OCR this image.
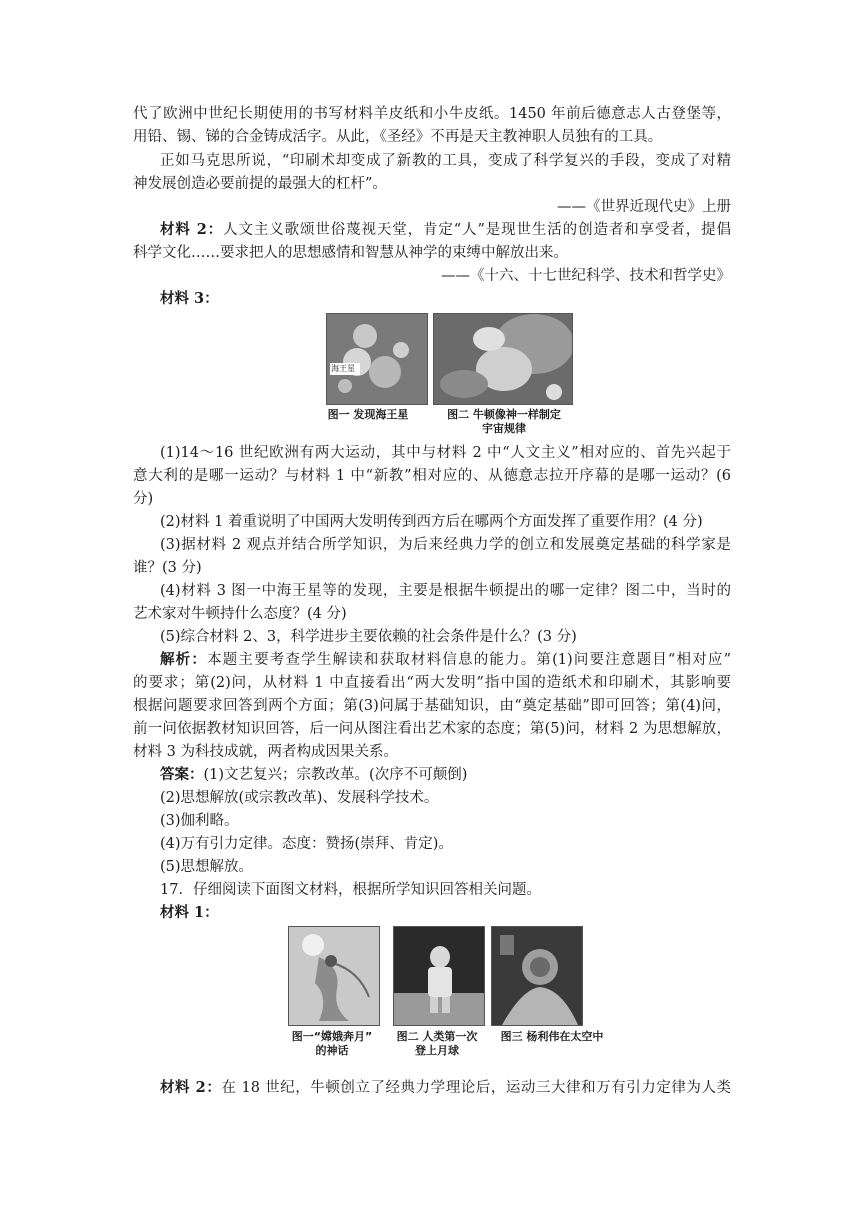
代了欧洲中世纪长期使用的书写材料羊皮纸和小牛皮纸。1450 年前后德意志人古登堡等，
用铅、锡、锑的合金铸成活字。从此，《圣经》不再是天主教神职人员独有的工具。
正如马克思所说，“印刷术却变成了新教的工具，变成了科学复兴的手段，变成了对精
神发展创造必要前提的最强大的杠杆”。
——《世界近现代史》上册
材料 2：人文主义歌颂世俗蔑视天堂，肯定“人”是现世生活的创造者和享受者，提倡
科学文化……要求把人的思想感情和智慧从神学的束缚中解放出来。
——《十六、十七世纪科学、技术和哲学史》
材料 3：
海王星
图一 发现海王星	图二 牛顿像神一样制定
宇宙规律
(1)14～16 世纪欧洲有两大运动，其中与材料 2 中“人文主义”相对应的、首先兴起于
意大利的是哪一运动？与材料 1 中“新教”相对应的、从德意志拉开序幕的是哪一运动？(6
分)
(2)材料 1 着重说明了中国两大发明传到西方后在哪两个方面发挥了重要作用？(4 分)
(3)据材料 2 观点并结合所学知识，为后来经典力学的创立和发展奠定基础的科学家是
谁？(3 分)
(4)材料 3 图一中海王星等的发现，主要是根据牛顿提出的哪一定律？图二中，当时的
艺术家对牛顿持什么态度？(4 分)
(5)综合材料 2、3，科学进步主要依赖的社会条件是什么？(3 分)
解析：本题主要考查学生解读和获取材料信息的能力。第(1)问要注意题目“相对应”
的要求；第(2)问，从材料 1 中直接看出“两大发明”指中国的造纸术和印刷术，其影响要
根据问题要求回答到两个方面；第(3)问属于基础知识，由“奠定基础”即可回答；第(4)问，
前一问依据教材知识回答，后一问从图注看出艺术家的态度；第(5)问，材料 2 为思想解放，
材料 3 为科技成就，两者构成因果关系。
答案：(1)文艺复兴；宗教改革。(次序不可颠倒)
(2)思想解放(或宗教改革)、发展科学技术。
(3)伽利略。
(4)万有引力定律。态度：赞扬(崇拜、肯定)。
(5)思想解放。
17．仔细阅读下面图文材料，根据所学知识回答相关问题。
材料 1：
图一“嫦娥奔月”
的神话
图二 人类第一次
登上月球
图三 杨利伟在太空中
材料 2：在 18 世纪，牛顿创立了经典力学理论后，运动三大律和万有引力定律为人类
